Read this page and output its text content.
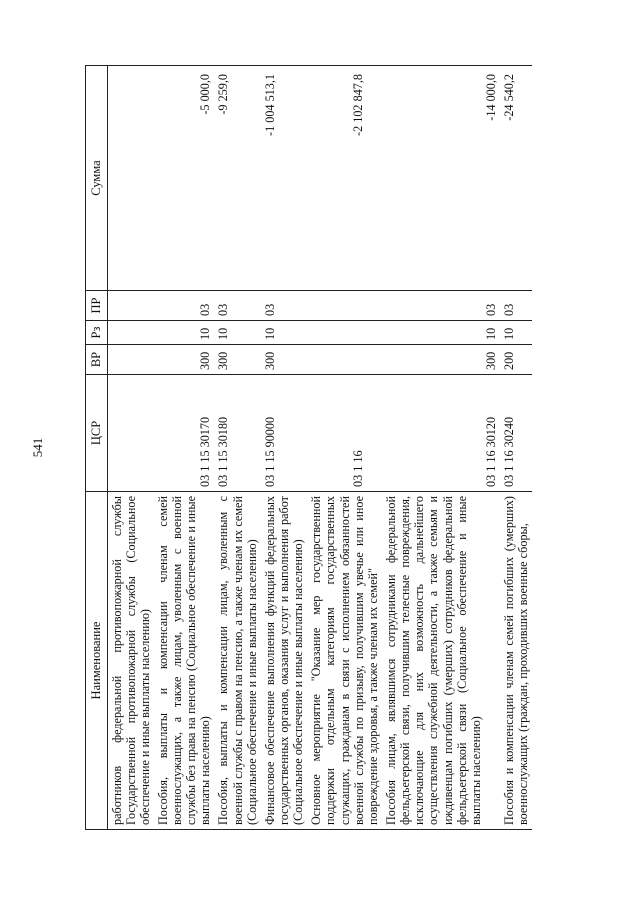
541
Наименование	ЦСР	ВР	Рз	ПР	Сумма
работников федеральной противопожарной службы Государственной противопожарной службы (Социальное обеспечение и иные выплаты населению)					
Пособия, выплаты и компенсации членам семей военнослужащих, а также лицам, уволенным с военной службы без права на пенсию (Социальное обеспечение и иные выплаты населению)	03 1 15 30170	300	10	03	-5 000,0
Пособия, выплаты и компенсации лицам, уволенным с военной службы с правом на пенсию, а также членам их семей (Социальное обеспечение и иные выплаты населению)	03 1 15 30180	300	10	03	-9 259,0
Финансовое обеспечение выполнения функций федеральных государственных органов, оказания услуг и выполнения работ (Социальное обеспечение и иные выплаты населению)	03 1 15 90000	300	10	03	-1 004 513,1
Основное мероприятие "Оказание мер государственной поддержки отдельным категориям государственных служащих, гражданам в связи с исполнением обязанностей военной службы по призыву, получившим увечье или иное повреждение здоровья, а также членам их семей"	03 1 16				-2 102 847,8
Пособия лицам, являвшимся сотрудниками федеральной фельдъегерской связи, получившим телесные повреждения, исключающие для них возможность дальнейшего осуществления служебной деятельности, а также семьям и иждивенцам погибших (умерших) сотрудников федеральной фельдъегерской связи (Социальное обеспечение и иные выплаты населению)	03 1 16 30120	300	10	03	-14 000,0
Пособия и компенсации членам семей погибших (умерших) военнослужащих (граждан, проходивших военные сборы,	03 1 16 30240	200	10	03	-24 540,2
